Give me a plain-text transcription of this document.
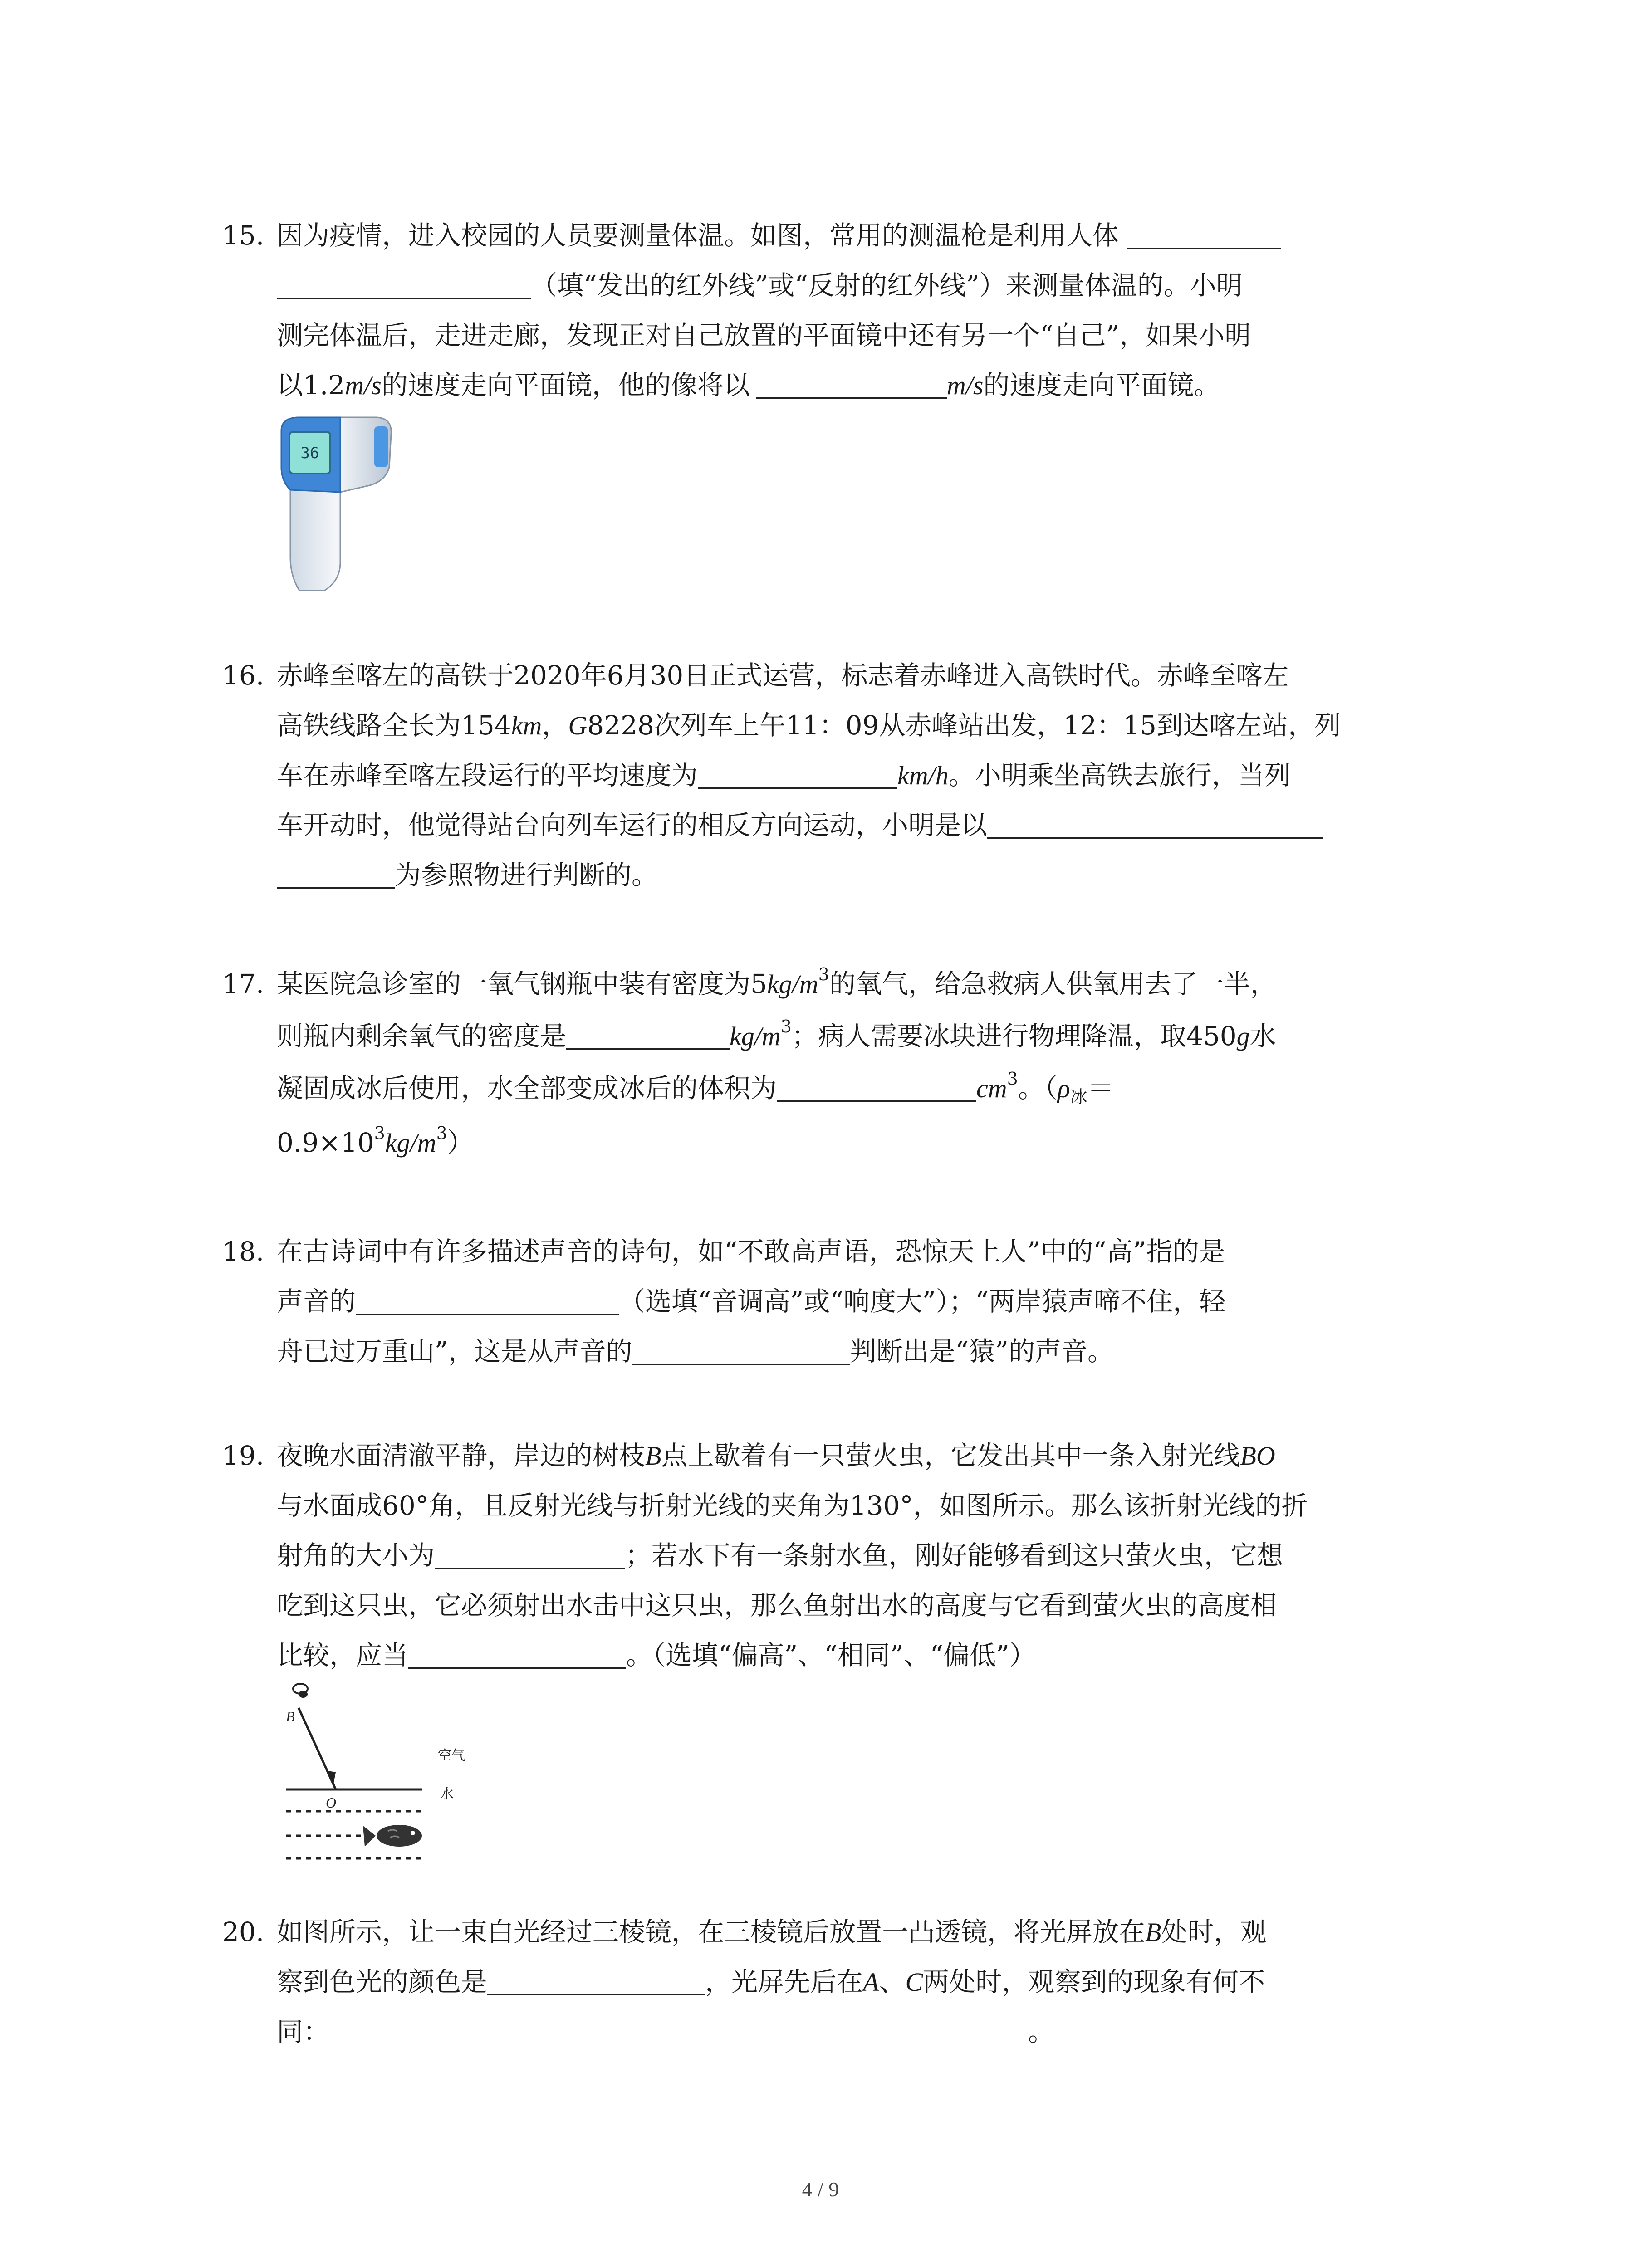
15. 因为疫情，进入校园的人员要测量体温。如图，常用的测温枪是利用人体
（填“发出的红外线”或“反射的红外线”）来测量体温的。小明
测完体温后，走进走廊，发现正对自己放置的平面镜中还有另一个“自己”，如果小明
以1.2m/s的速度走向平面镜，他的像将以	m/s的速度走向平面镜。
36
16. 赤峰至喀左的高铁于2020年6月30日正式运营，标志着赤峰进入高铁时代。赤峰至喀左
高铁线路全长为154km，G8228次列车上午11：09从赤峰站出发，12：15到达喀左站，列
车在赤峰至喀左段运行的平均速度为	km/h。小明乘坐高铁去旅行，当列
车开动时，他觉得站台向列车运行的相反方向运动，小明是以
为参照物进行判断的。
17. 某医院急诊室的一氧气钢瓶中装有密度为$5kg/m^3$的氧气，给急救病人供氧用去了一半，
则瓶内剩余氧气的密度是	$kg/m^3$；病人需要冰块进行物理降温，取450g水
凝固成冰后使用，水全部变成冰后的体积为	$cm^3$。（$\rho_冰=$
$0.9\times 10^3kg/m^3$）
18. 在古诗词中有许多描述声音的诗句，如“不敢高声语，恐惊天上人”中的“高”指的是
声音的	（选填“音调高”或“响度大”）；“两岸猿声啼不住，轻
舟已过万重山”，这是从声音的	判断出是“猿”的声音。
19. 夜晚水面清澈平静，岸边的树枝B点上歇着有一只萤火虫，它发出其中一条入射光线BO
与水面成60°角，且反射光线与折射光线的夹角为130°，如图所示。那么该折射光线的折
射角的大小为	；若水下有一条射水鱼，刚好能够看到这只萤火虫，它想
吃到这只虫，它必须射出水击中这只虫，那么鱼射出水的高度与它看到萤火虫的高度相
比较，应当	。（选填“偏高”、“相同”、“偏低”）
B
O
空气
水
20. 如图所示，让一束白光经过三棱镜，在三棱镜后放置一凸透镜，将光屏放在B处时，观
察到色光的颜色是	，光屏先后在A、C两处时，观察到的现象有何不
同：	。
4 / 9
